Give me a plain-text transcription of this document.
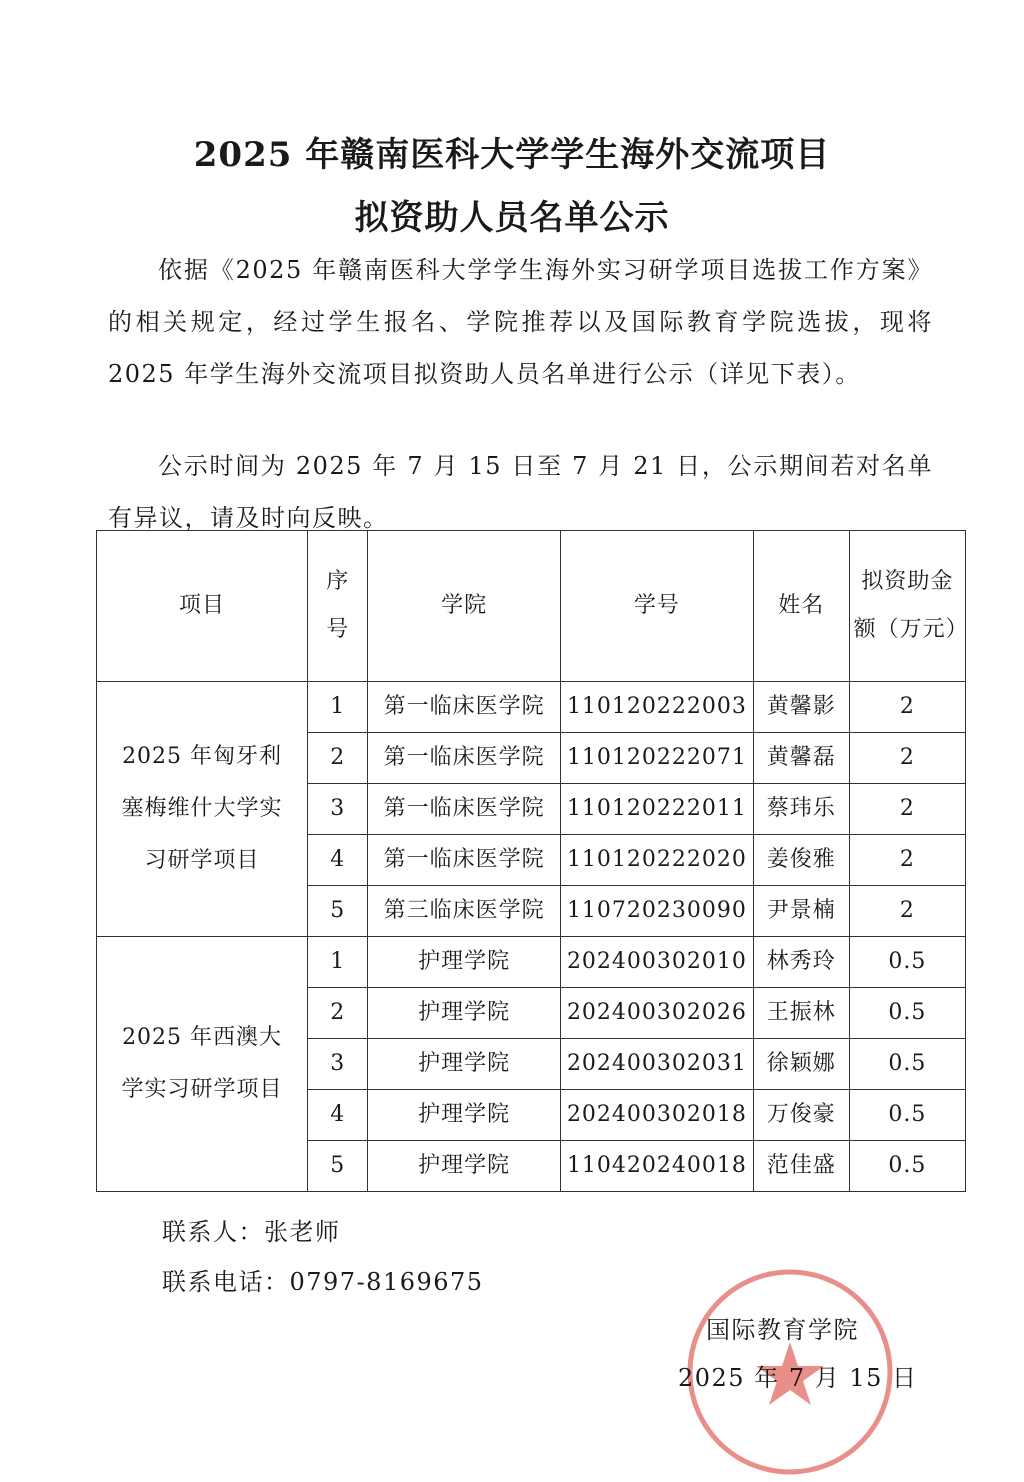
2025 年赣南医科大学学生海外交流项目
拟资助人员名单公示
依据《2025 年赣南医科大学学生海外实习研学项目选拔工作方案》的相关规定，经过学生报名、学院推荐以及国际教育学院选拔，现将 2025 年学生海外交流项目拟资助人员名单进行公示（详见下表）。
公示时间为 2025 年 7 月 15 日至 7 月 21 日，公示期间若对名单有异议，请及时向反映。
项目	序号	学院	学号	姓名	拟资助金额（万元）
2025 年匈牙利塞梅维什大学实习研学项目	1	第一临床医学院	110120222003	黄馨影	2
	2	第一临床医学院	110120222071	黄馨磊	2
	3	第一临床医学院	110120222011	蔡玮乐	2
	4	第一临床医学院	110120222020	姜俊雅	2
	5	第三临床医学院	110720230090	尹景楠	2
2025 年西澳大学实习研学项目	1	护理学院	202400302010	林秀玲	0.5
	2	护理学院	202400302026	王振林	0.5
	3	护理学院	202400302031	徐颖娜	0.5
	4	护理学院	202400302018	万俊豪	0.5
	5	护理学院	110420240018	范佳盛	0.5
联系人：张老师
联系电话：0797-8169675
国际教育学院
2025 年 7 月 15 日
